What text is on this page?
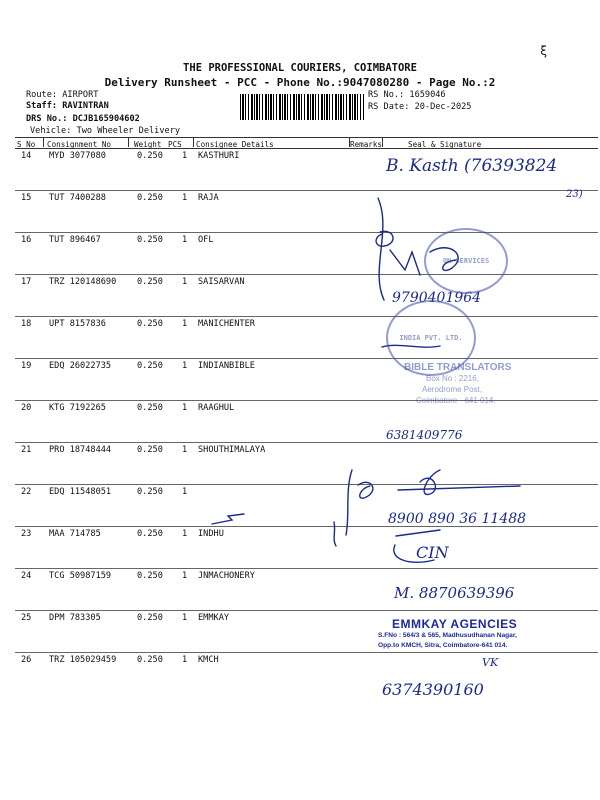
ξ
THE PROFESSIONAL COURIERS, COIMBATORE
Delivery Runsheet - PCC - Phone No.:9047080280 - Page No.:2
Route: AIRPORT
Staff: RAVINTRAN
DRS No.: DCJB165904602
Vehicle: Two Wheeler Delivery
RS No.: 1659046
RS Date: 20-Dec-2025
S No Consignment No	Weight PCS Consignee Details	Remarks	Seal & Signature
14 MYD 3077080	0.250 1 KASTHURI
15 TUT 7400288	0.250 1 RAJA
16 TUT 896467	0.250 1 OFL
17 TRZ 120148690 0.250 1 SAISARVAN
18 UPT 8157836	0.250 1 MANICHENTER
19 EDQ 26022735	0.250 1 INDIANBIBLE
20 KTG 7192265	0.250 1 RAAGHUL
21 PRO 18748444	0.250 1 SHOUTHIMALAYA
22 EDQ 11548051	0.250 1
23 MAA 714785	0.250 1 INDHU
24 TCG 50987159	0.250 1 JNMACHONERY
25 DPM 783305	0.250 1 EMMKAY
26 TRZ 105029459 0.250 1 KMCH
B. Kasth (76393824
23)
9790401964
6381409776
8900 890 36 11488
CIN
M. 8870639396
VK
6374390160
ON SERVICES
INDIA PVT. LTD.
BIBLE TRANSLATORS
Box No : 2216,
Aerodrome Post,
Coimbatore - 641 014.
EMMKAY AGENCIES
S.FNo : 564/3 & 565, Madhusudhanan Nagar,
Opp.to KMCH, Sitra, Coimbatore-641 014.
